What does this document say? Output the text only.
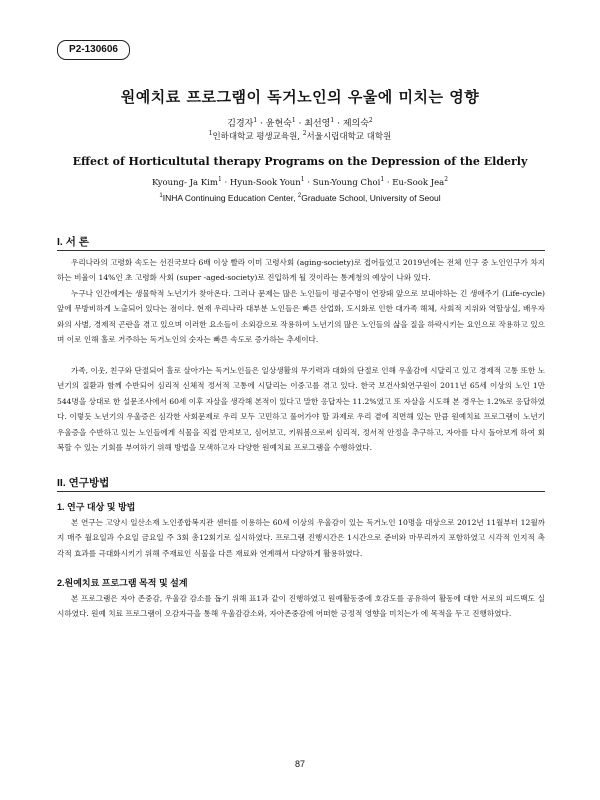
P2-130606
원예치료 프로그램이 독거노인의 우울에 미치는 영향
김경자$^1$ · 윤현숙$^1$ · 최선영$^1$ · 제의숙$^2$
$^1$인하대학교 평생교육원, $^2$서울시립대학교 대학원
Effect of Horticultutal therapy Programs on the Depression of the Elderly
Kyoung- Ja Kim$^1$ · Hyun-Sook Youn$^1$ · Sun-Young Choi$^1$ · Eu-Sook Jea$^2$
$^1$INHA Continuing Education Center, $^2$Graduate School, University of Seoul
I. 서 론
우리나라의 고령화 속도는 선진국보다 6배 이상 빨라 이미 고령사회 (aging-society)로 접어들었고 2019년에는 전체 인구 중 노인인구가 차지하는 비율이 14%인 초 고령화 사회 (super -aged-society)로 진입하게 될 것이라는 통계청의 예상이 나와 있다.
누구나 인간에게는 생물학적 노년기가 찾아온다. 그러나 문제는 많은 노인들이 평균수명이 연장돼 앞으로 보내야하는 긴 생애주기 (Life-cycle)앞에 무방비하게 노출되어 있다는 점이다. 현재 우리나라 대부분 노인들은 빠른 산업화, 도시화로 인한 대가족 해체, 사회적 지위와 역할상실, 배우자와의 사별, 경제적 곤란을 겪고 있으며 이러한 요소들이 소외감으로 작용하여 노년기의 많은 노인들의 삶을 질을 하락시키는 요인으로 작용하고 있으며 이로 인해 홀로 거주하는 독거노인의 숫자는 빠른 속도로 증가하는 추세이다.
가족, 이웃, 친구와 단절되어 홀로 살아가는 독거노인들은 일상생활의 무기력과 대화의 단절로 인해 우울감에 시달리고 있고 경제적 고통 또한 노년기의 질환과 함께 수반되어 심리적 신체적 정서적 고통에 시달리는 이중고를 겪고 있다. 한국 보건사회연구원이 2011년 65세 이상의 노인 1만 544명을 상대로 한 설문조사에서 60세 이후 자살을 생각해 본적이 있다고 말한 응답자는 11.2%였고 또 자살을 시도해 본 경우는 1.2%로 응답하였다. 이렇듯 노년기의 우울증은 심각한 사회문제로 우리 모두 고민하고 풀어가야 할 과제로 우리 곁에 직면해 있는 만큼 원예치료 프로그램이 노년기 우울증을 수반하고 있는 노인들에게 식물을 직접 만져보고, 심어보고, 키워봄으로써 심리적, 정서적 안정을 추구하고, 자아를 다시 돌아보게 하여 회복할 수 있는 기회를 부여하기 위해 방법을 모색하고자 다양한 원예치료 프로그램을 수행하였다.
II. 연구방법
1. 연구 대상 및 방법
본 연구는 고양시 일산소재 노인종합복지관 센터를 이용하는 60세 이상의 우울감이 있는 독거노인 10명을 대상으로 2012년 11월부터 12월까지 매주 월요일과 수요일 금요일 주 3회 총12회기로 실시하였다. 프로그램 진행시간은 1시간으로 준비와 마무리까지 포함하였고 시각적 인지적 촉각적 효과를 극대화시키기 위해 주재료인 식물을 다른 재료와 연계해서 다양하게 활용하였다.
2.원예치료 프로그램 목적 및 설계
본 프로그램은 자아 존중감, 우울감 감소를 돕기 위해 표1과 같이 진행하였고 원예활동중에 호감도를 공유하여 활동에 대한 서로의 피드백도 실시하였다. 원예 치료 프로그램이 오감자극을 통해 우울감감소와, 자아존중감에 어떠한 긍정적 영향을 미치는가 에 목적을 두고 진행하였다.
87
